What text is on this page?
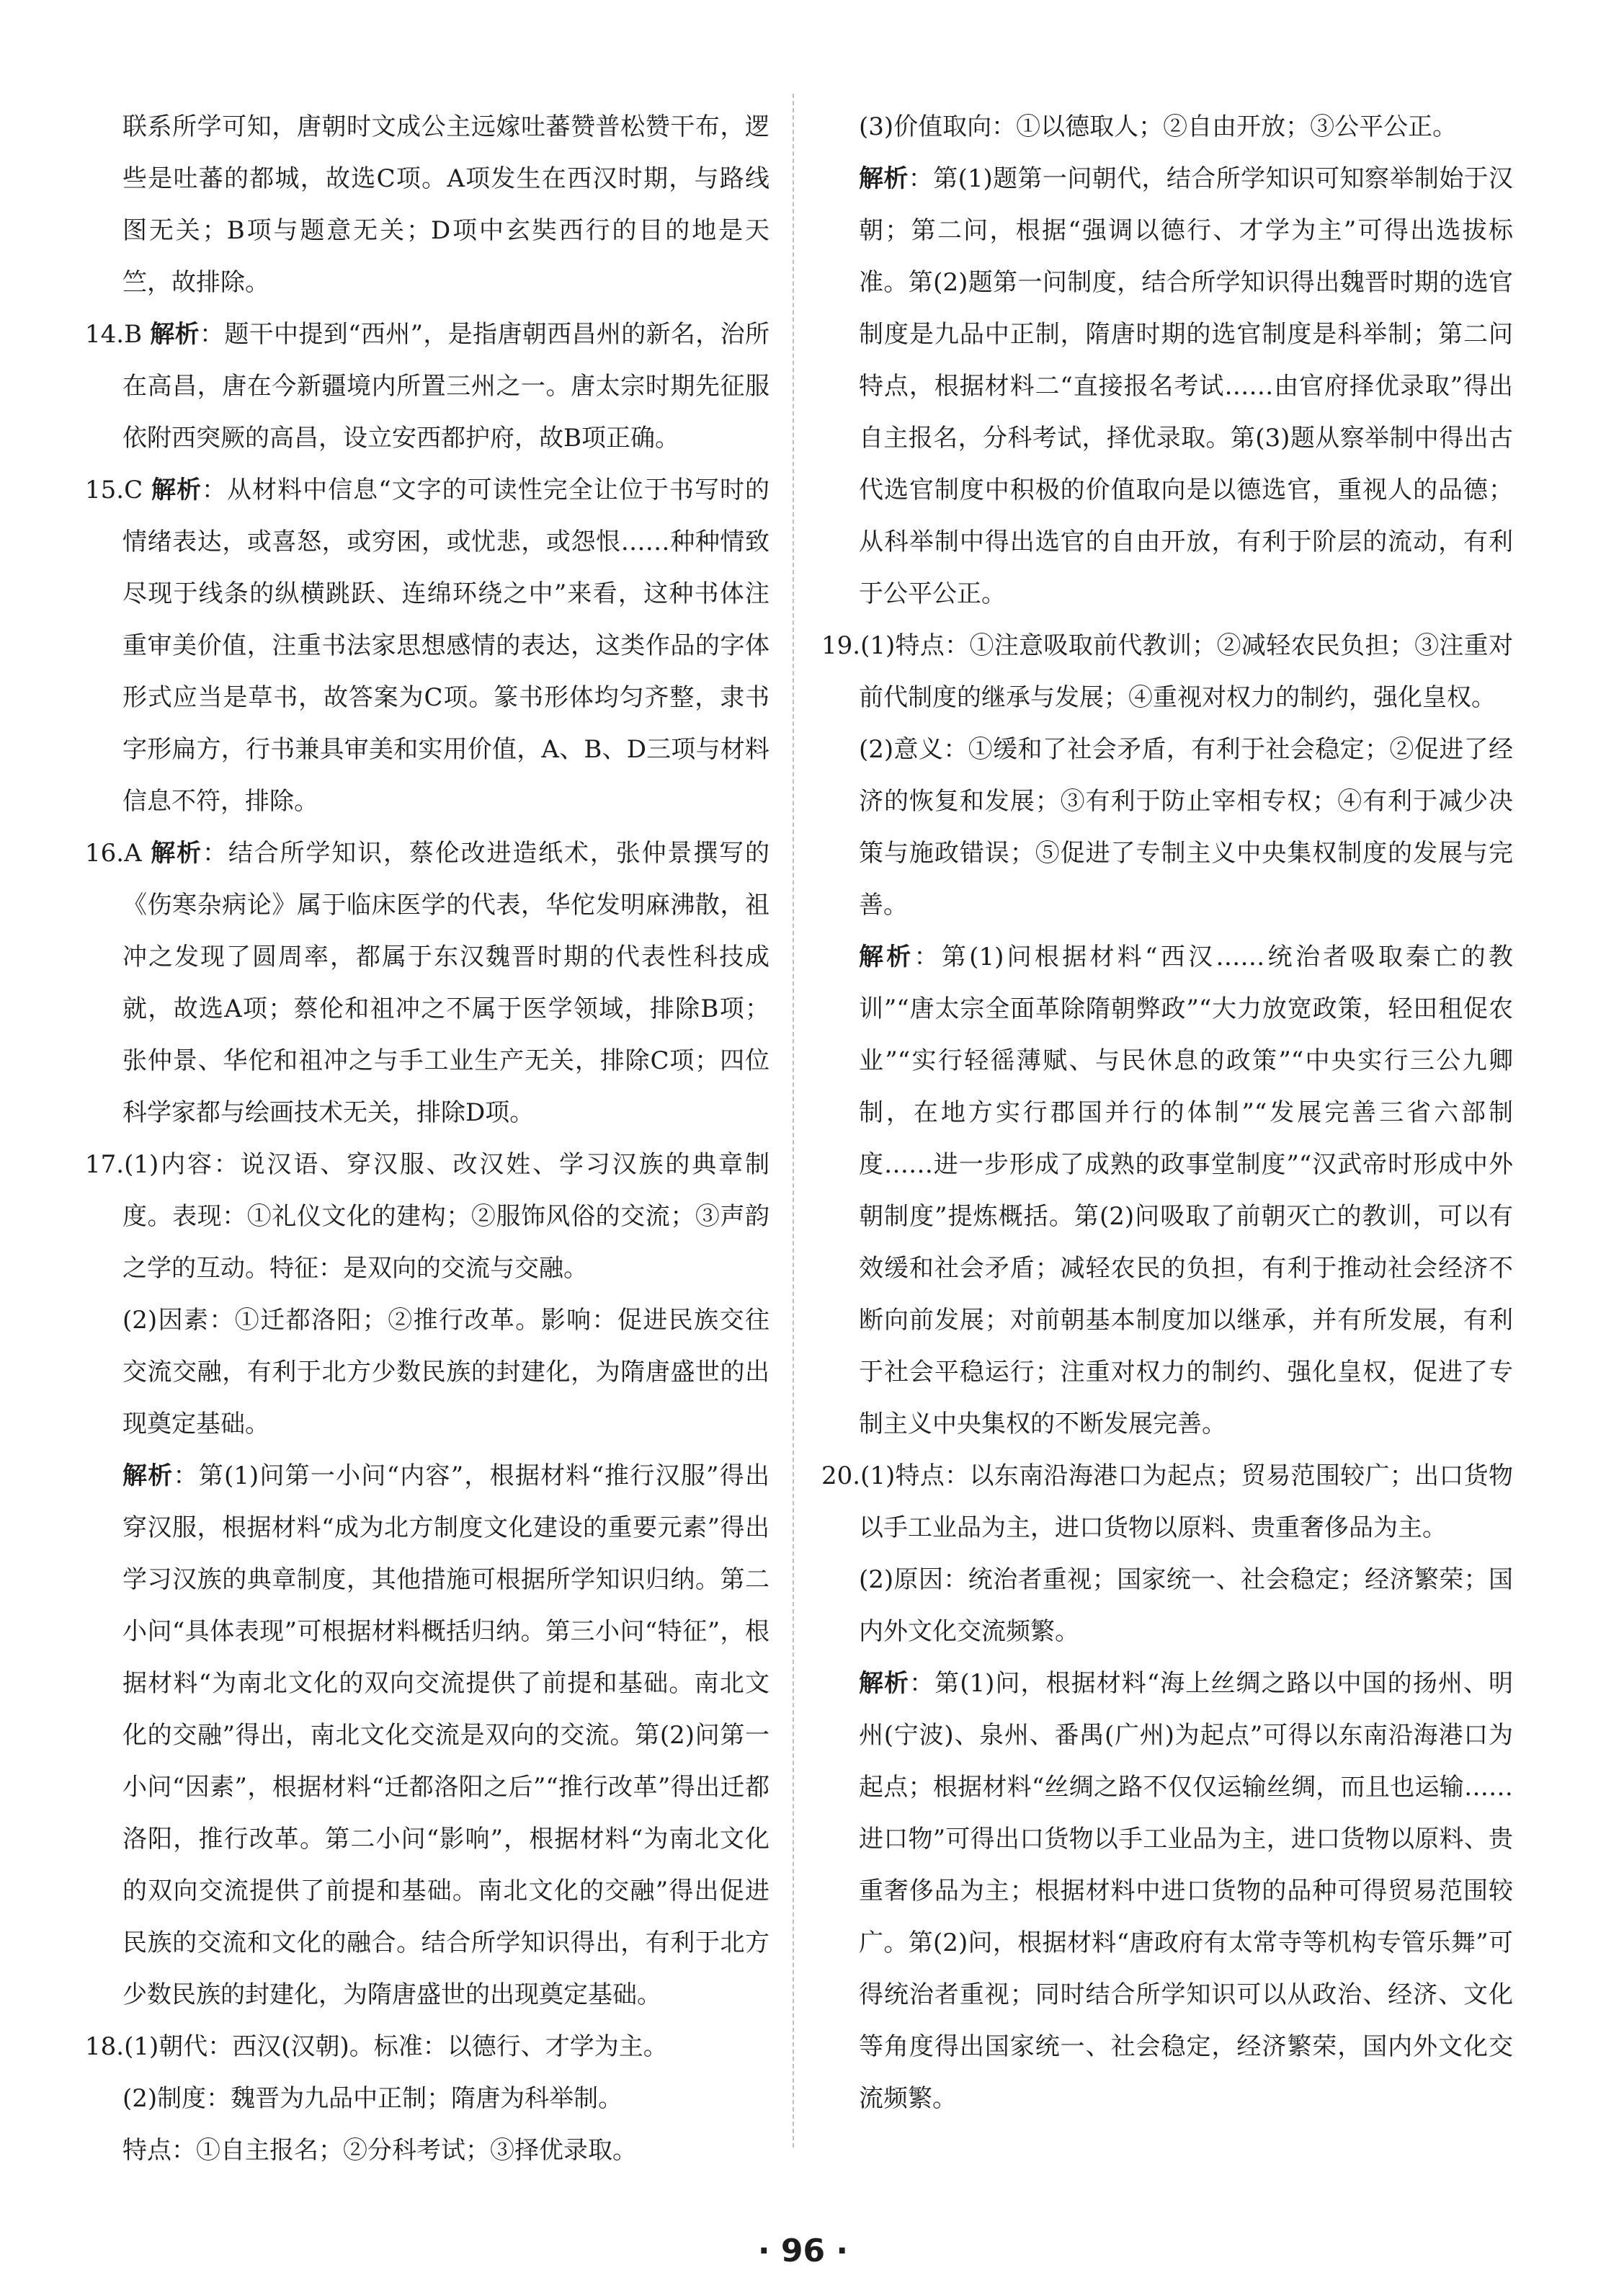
联系所学可知，唐朝时文成公主远嫁吐蕃赞普松赞干布，逻些是吐蕃的都城，故选C项。A项发生在西汉时期，与路线图无关；B项与题意无关；D项中玄奘西行的目的地是天竺，故排除。

14.B 解析：题干中提到“西州”，是指唐朝西昌州的新名，治所在高昌，唐在今新疆境内所置三州之一。唐太宗时期先征服依附西突厥的高昌，设立安西都护府，故B项正确。

15.C 解析：从材料中信息“文字的可读性完全让位于书写时的情绪表达，或喜怒，或穷困，或忧悲，或怨恨……种种情致尽现于线条的纵横跳跃、连绵环绕之中”来看，这种书体注重审美价值，注重书法家思想感情的表达，这类作品的字体形式应当是草书，故答案为C项。篆书形体均匀齐整，隶书字形扁方，行书兼具审美和实用价值，A、B、D三项与材料信息不符，排除。

16.A 解析：结合所学知识，蔡伦改进造纸术，张仲景撰写的《伤寒杂病论》属于临床医学的代表，华佗发明麻沸散，祖冲之发现了圆周率，都属于东汉魏晋时期的代表性科技成就，故选A项；蔡伦和祖冲之不属于医学领域，排除B项；张仲景、华佗和祖冲之与手工业生产无关，排除C项；四位科学家都与绘画技术无关，排除D项。

17.(1)内容：说汉语、穿汉服、改汉姓、学习汉族的典章制度。表现：①礼仪文化的建构；②服饰风俗的交流；③声韵之学的互动。特征：是双向的交流与交融。

(2)因素：①迁都洛阳；②推行改革。影响：促进民族交往交流交融，有利于北方少数民族的封建化，为隋唐盛世的出现奠定基础。

解析：第(1)问第一小问“内容”，根据材料“推行汉服”得出穿汉服，根据材料“成为北方制度文化建设的重要元素”得出学习汉族的典章制度，其他措施可根据所学知识归纳。第二小问“具体表现”可根据材料概括归纳。第三小问“特征”，根据材料“为南北文化的双向交流提供了前提和基础。南北文化的交融”得出，南北文化交流是双向的交流。第(2)问第一小问“因素”，根据材料“迁都洛阳之后”“推行改革”得出迁都洛阳，推行改革。第二小问“影响”，根据材料“为南北文化的双向交流提供了前提和基础。南北文化的交融”得出促进民族的交流和文化的融合。结合所学知识得出，有利于北方少数民族的封建化，为隋唐盛世的出现奠定基础。

18.(1)朝代：西汉(汉朝)。标准：以德行、才学为主。

(2)制度：魏晋为九品中正制；隋唐为科举制。

特点：①自主报名；②分科考试；③择优录取。

(3)价值取向：①以德取人；②自由开放；③公平公正。

解析：第(1)题第一问朝代，结合所学知识可知察举制始于汉朝；第二问，根据“强调以德行、才学为主”可得出选拔标准。第(2)题第一问制度，结合所学知识得出魏晋时期的选官制度是九品中正制，隋唐时期的选官制度是科举制；第二问特点，根据材料二“直接报名考试……由官府择优录取”得出自主报名，分科考试，择优录取。第(3)题从察举制中得出古代选官制度中积极的价值取向是以德选官，重视人的品德；从科举制中得出选官的自由开放，有利于阶层的流动，有利于公平公正。

19.(1)特点：①注意吸取前代教训；②减轻农民负担；③注重对前代制度的继承与发展；④重视对权力的制约，强化皇权。

(2)意义：①缓和了社会矛盾，有利于社会稳定；②促进了经济的恢复和发展；③有利于防止宰相专权；④有利于减少决策与施政错误；⑤促进了专制主义中央集权制度的发展与完善。

解析：第(1)问根据材料“西汉……统治者吸取秦亡的教训”“唐太宗全面革除隋朝弊政”“大力放宽政策，轻田租促农业”“实行轻徭薄赋、与民休息的政策”“中央实行三公九卿制，在地方实行郡国并行的体制”“发展完善三省六部制度……进一步形成了成熟的政事堂制度”“汉武帝时形成中外朝制度”提炼概括。第(2)问吸取了前朝灭亡的教训，可以有效缓和社会矛盾；减轻农民的负担，有利于推动社会经济不断向前发展；对前朝基本制度加以继承，并有所发展，有利于社会平稳运行；注重对权力的制约、强化皇权，促进了专制主义中央集权的不断发展完善。

20.(1)特点：以东南沿海港口为起点；贸易范围较广；出口货物以手工业品为主，进口货物以原料、贵重奢侈品为主。

(2)原因：统治者重视；国家统一、社会稳定；经济繁荣；国内外文化交流频繁。

解析：第(1)问，根据材料“海上丝绸之路以中国的扬州、明州(宁波)、泉州、番禺(广州)为起点”可得以东南沿海港口为起点；根据材料“丝绸之路不仅仅运输丝绸，而且也运输……进口物”可得出口货物以手工业品为主，进口货物以原料、贵重奢侈品为主；根据材料中进口货物的品种可得贸易范围较广。第(2)问，根据材料“唐政府有太常寺等机构专管乐舞”可得统治者重视；同时结合所学知识可以从政治、经济、文化等角度得出国家统一、社会稳定，经济繁荣，国内外文化交流频繁。

· 96 ·
